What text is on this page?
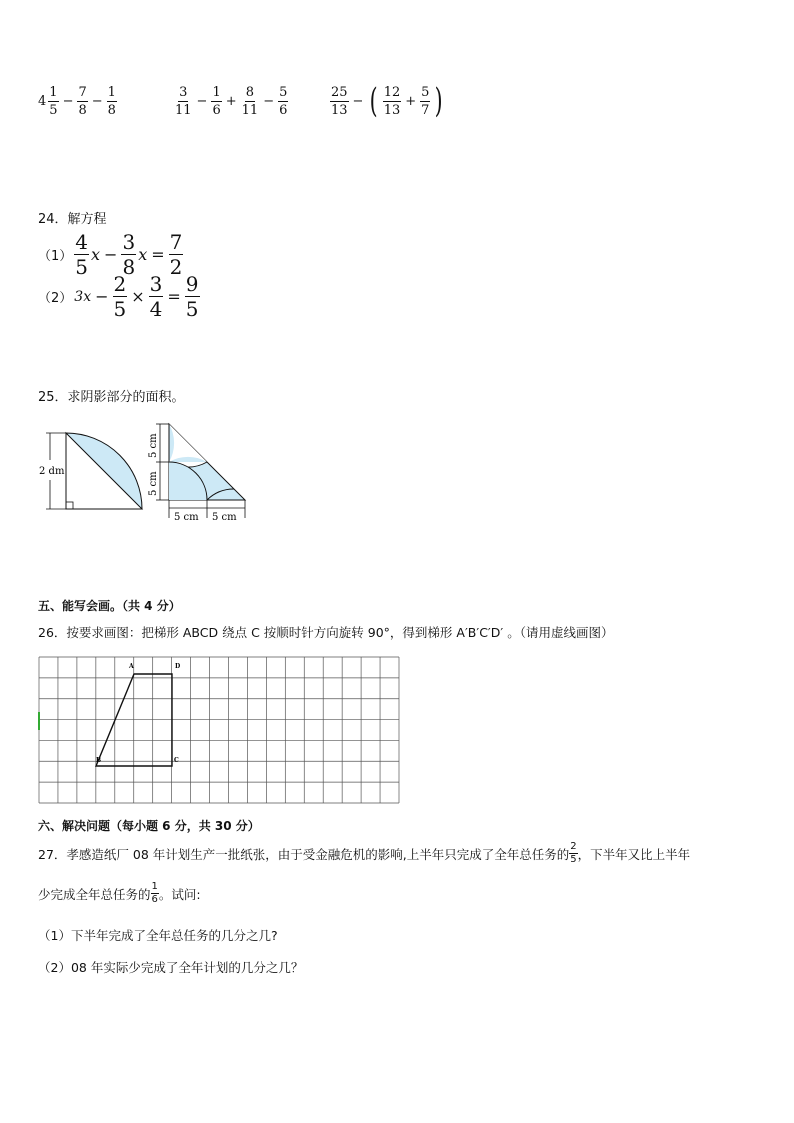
$4 \frac{1}{5} - \frac{7}{8} - \frac{1}{8}$	$\frac{3}{11} - \frac{1}{6} + \frac{8}{11} - \frac{5}{6}$	$\frac{25}{13}$ − ( $\frac{12}{13} + \frac{5}{7}$ )
24．解方程
$(1) \frac{4}{5}$ $x - \frac{3}{8}$ $x = \frac{7}{2}$
（2） $3x - \frac{2}{5} \times \frac{3}{4} = \frac{9}{5}$
25．求阴影部分的面积。
2 dm
5 cm
5 cm
5 cm 5 cm
五、能写会画。（共 4 分）
26．按要求画图：把梯形 ABCD 绕点 C 按顺时针方向旋转 90°，得到梯形 A′B′C′D′ 。（请用虚线画图）
A	D
B	C
六、解决问题（每小题 6 分，共 30 分）
27．孝感造纸厂 08 年计划生产一批纸张，由于受金融危机的影响,上半年只完成了全年总任务的 $\frac{2}{5}$ ，下半年又比上半年
少完成全年总任务的 $\frac{1}{6}$ 。试问:
（1）下半年完成了全年总任务的几分之几?
（2）08 年实际少完成了全年计划的几分之几？
